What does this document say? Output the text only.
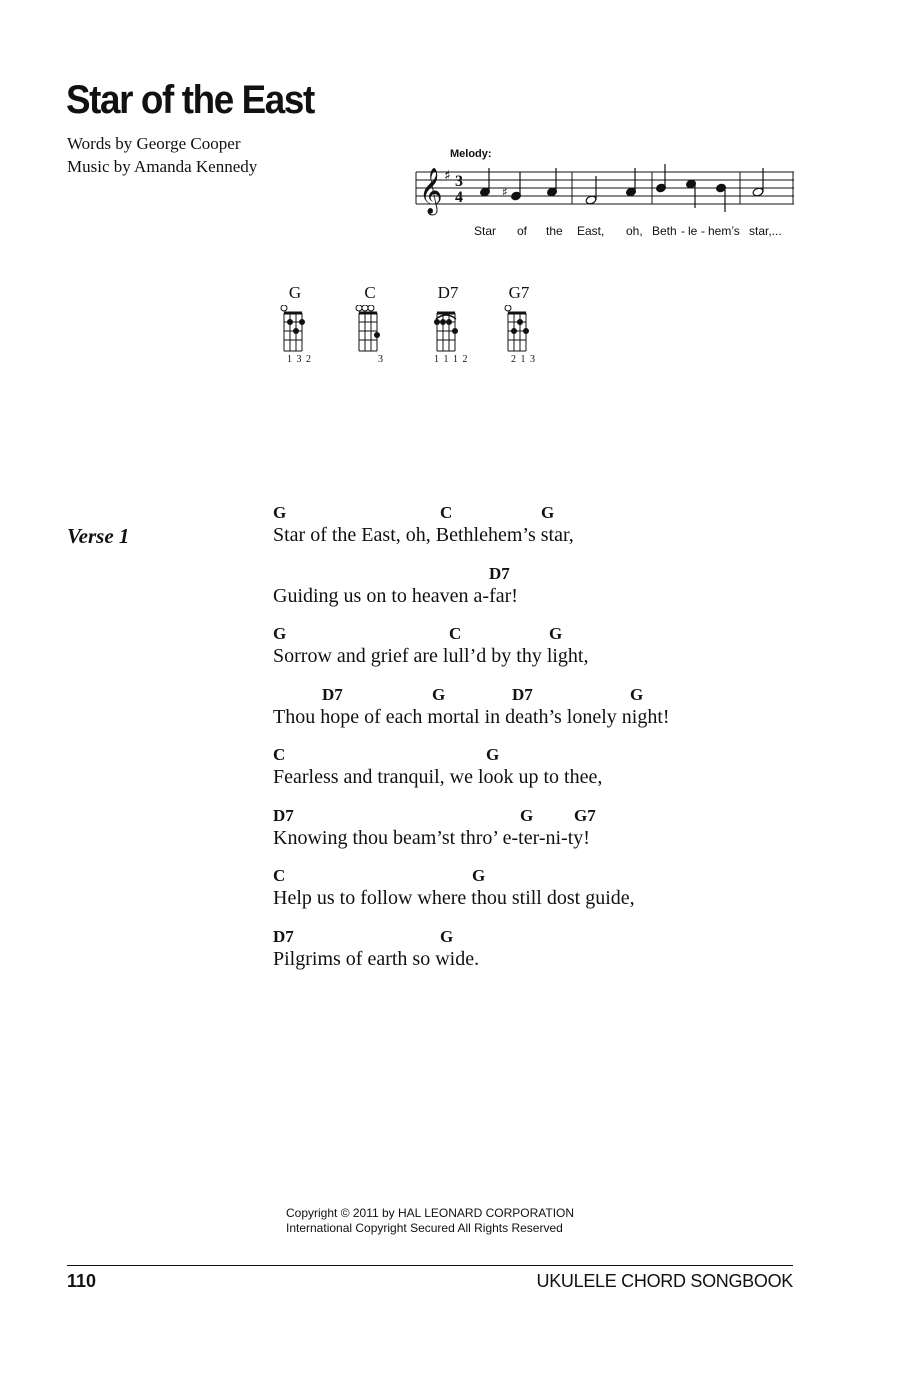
Star of the East
Words by George Cooper
Music by Amanda Kennedy
Melody:
𝄞 ♯ 3
4	♯
Star of the East, oh, Beth - le - hem’s star,...
G	C	D7	G7
1 3 2	3	1 1 1 2	2 1 3
Verse 1
G	C	G
Star of the East, oh, Bethlehem’s star,
D7
Guiding us on to heaven a-far!
G	C	G
Sorrow and grief are lull’d by thy light,
D7	G	D7	G
Thou hope of each mortal in death’s lonely night!
C	G
Fearless and tranquil, we look up to thee,
D7	G G7
Knowing thou beam’st thro’ e-ter-ni-ty!
C	G
Help us to follow where thou still dost guide,
D7	G
Pilgrims of earth so wide.
Copyright © 2011 by HAL LEONARD CORPORATION
International Copyright Secured All Rights Reserved
110	UKULELE CHORD SONGBOOK
